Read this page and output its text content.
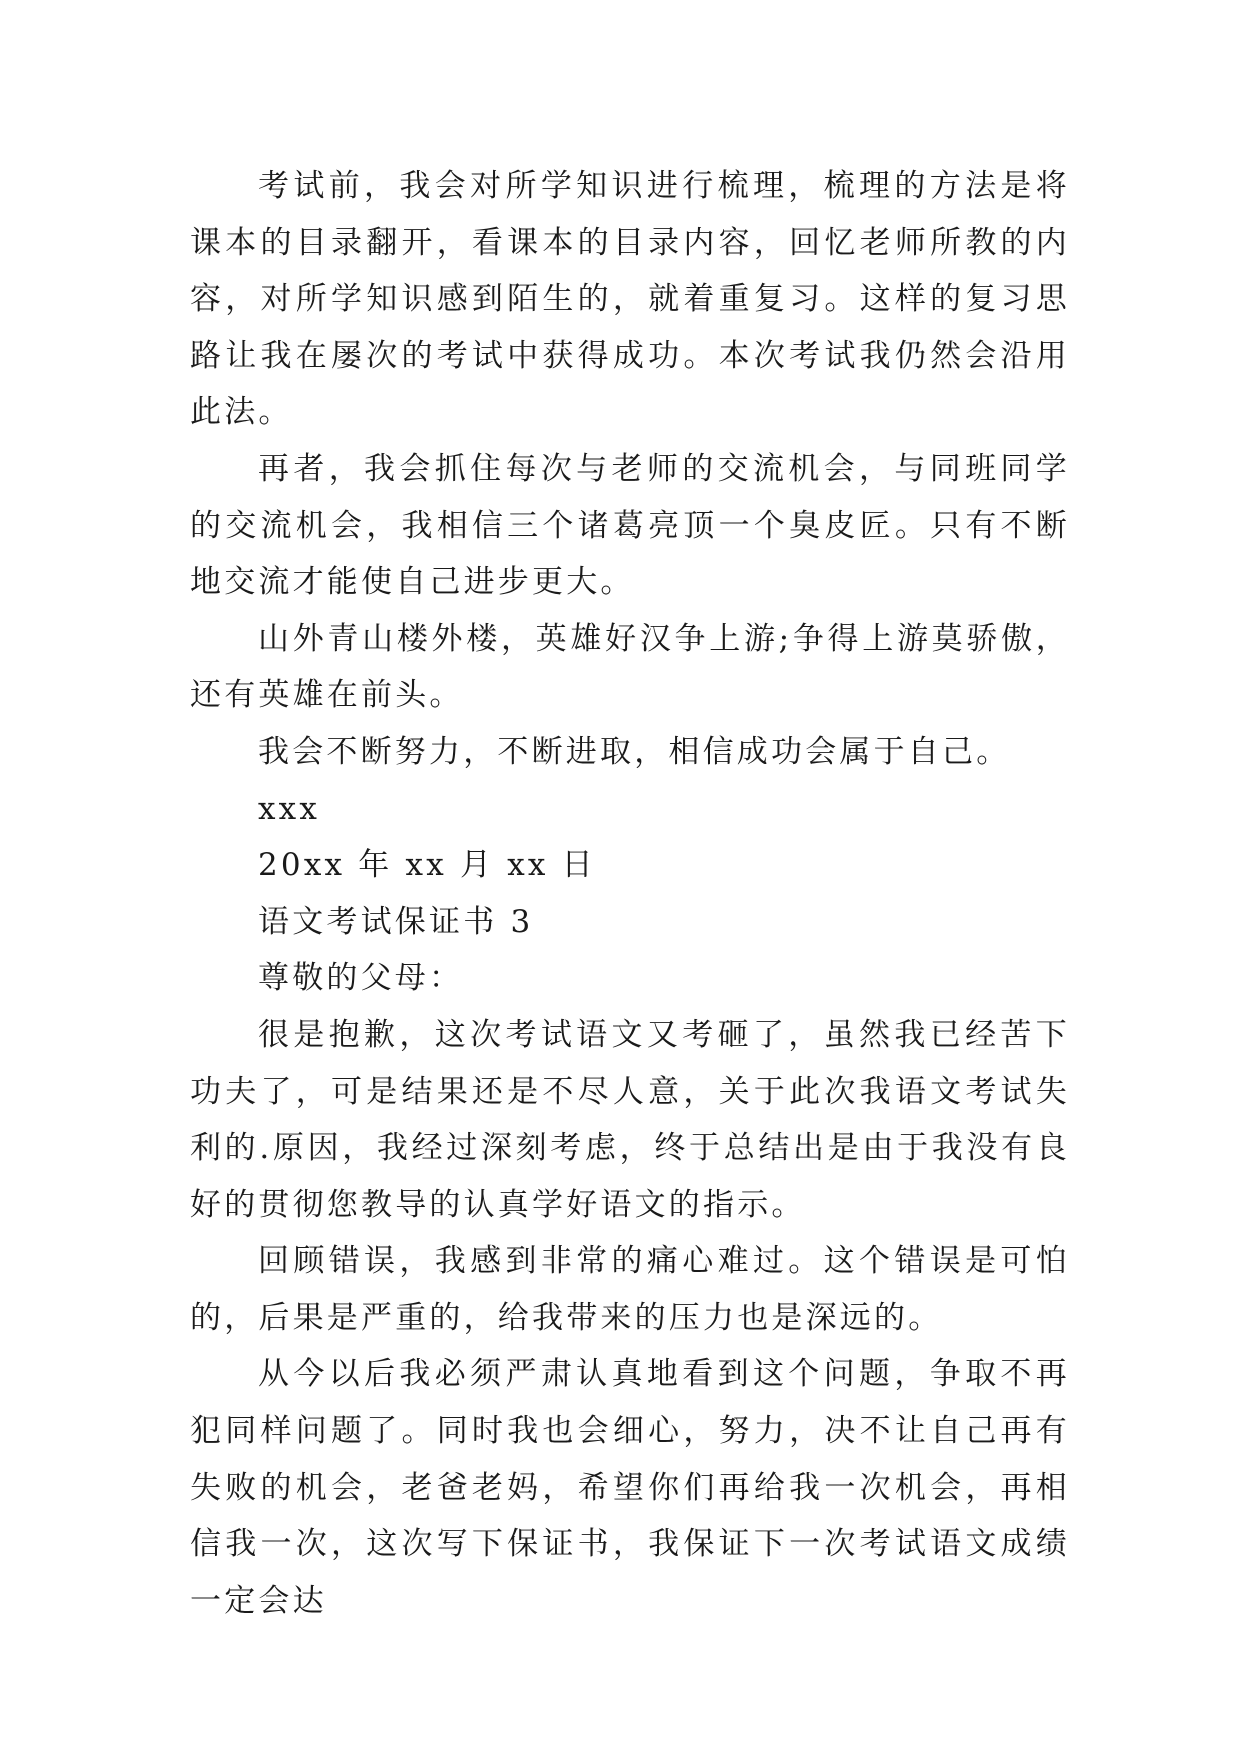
考试前，我会对所学知识进行梳理，梳理的方法是将课本的目录翻开，看课本的目录内容，回忆老师所教的内容，对所学知识感到陌生的，就着重复习。这样的复习思路让我在屡次的考试中获得成功。本次考试我仍然会沿用此法。

再者，我会抓住每次与老师的交流机会，与同班同学的交流机会，我相信三个诸葛亮顶一个臭皮匠。只有不断地交流才能使自己进步更大。

山外青山楼外楼，英雄好汉争上游;争得上游莫骄傲，还有英雄在前头。

我会不断努力，不断进取，相信成功会属于自己。

xxx

20xx 年 xx 月 xx 日

语文考试保证书 3

尊敬的父母：

很是抱歉，这次考试语文又考砸了，虽然我已经苦下功夫了，可是结果还是不尽人意，关于此次我语文考试失利的.原因，我经过深刻考虑，终于总结出是由于我没有良好的贯彻您教导的认真学好语文的指示。

回顾错误，我感到非常的痛心难过。这个错误是可怕的，后果是严重的，给我带来的压力也是深远的。

从今以后我必须严肃认真地看到这个问题，争取不再犯同样问题了。同时我也会细心，努力，决不让自己再有失败的机会，老爸老妈，希望你们再给我一次机会，再相信我一次，这次写下保证书，我保证下一次考试语文成绩一定会达
